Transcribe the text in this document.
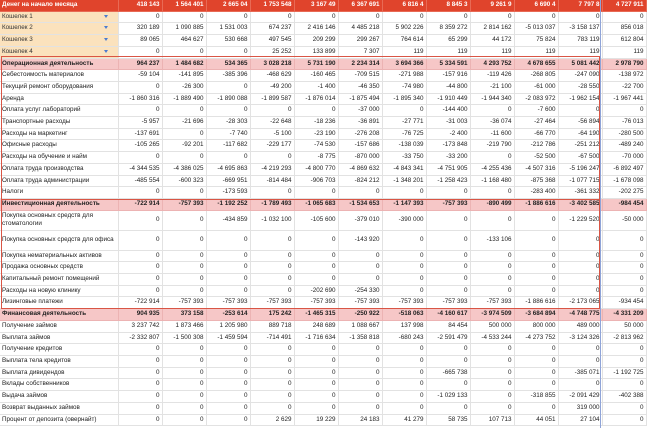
Денег на начало месяца	418 143	1 564 401	2 665 04	1 753 548	3 167 49	6 367 691	6 816 4	8 845 3	9 261 9	6 690 4	7 797 8	4 727 911
Кошелек 1	0	0	0	0	0	0	0	0	0	0	0	0
Кошелек 2	320 189	1 090 885	1 531 003	674 237	2 416 146	4 485 218	5 902 226	8 359 272	2 814 162	-5 013 037	-3 158 137	856 018
Кошелек 3	89 065	464 627	530 668	497 545	209 299	299 267	764 614	65 299	44 172	75 824	783 119	612 804
Кошелек 4	0	0	0	25 252	133 899	7 307	119	119	119	119	119	119
Операционная деятельность	964 237	1 484 682	534 365	3 028 218	5 731 190	2 234 314	3 694 366	5 334 591	4 293 752	4 678 655	5 081 442	2 978 790
Себестоимость материалов	-59 104	-141 895	-385 396	-468 629	-160 465	-709 515	-271 988	-157 916	-119 426	-268 805	-247 090	-138 972
Текущий ремонт оборудования	0	-26 300	0	-49 200	-1 400	-46 350	-74 980	-44 800	-21 100	-61 000	-28 550	-22 700
Аренда	-1 860 316	-1 889 490	-1 890 088	-1 899 587	-1 876 014	-1 875 494	-1 895 340	-1 910 449	-1 944 340	-2 083 972	-1 962 154	-1 967 441
Оплата услуг лабораторий	0	0	0	0	0	-37 000	0	-144 400	0	-7 600	0	0
Транспортные расходы	-5 957	-21 696	-28 303	-22 648	-18 236	-36 891	-27 771	-31 003	-36 074	-27 464	-56 894	-76 013
Расходы на маркетинг	-137 691	0	-7 740	-5 100	-23 190	-276 208	-76 725	-2 400	-11 600	-66 770	-64 190	-280 500
Офисные расходы	-105 265	-92 201	-117 682	-229 177	-74 530	-157 686	-138 039	-173 848	-219 790	-212 786	-251 212	-489 240
Расходы на обучение и найм	0	0	0	0	-8 775	-870 000	-33 750	-33 200	0	-52 500	-67 500	-70 000
Оплата труда производства	-4 344 535	-4 386 025	-4 695 863	-4 219 293	-4 800 770	-4 869 632	-4 843 341	-4 751 905	-4 255 436	-4 507 316	-5 196 247	-6 892 497
Оплата труда администрации	-485 554	-600 323	-669 951	-814 484	-906 703	-824 212	-1 348 201	-1 258 423	-1 168 480	-875 368	-1 077 715	-1 678 098
Налоги	0	0	-173 593	0	0	0	0	0	0	-283 400	-361 332	-202 275
Инвестиционная деятельность	-722 914	-757 393	-1 192 252	-1 789 493	-1 065 683	-1 534 653	-1 147 393	-757 393	-890 499	-1 886 616	-3 402 585	-984 454
Покупка основных средств для стоматологии	0	0	-434 859	-1 032 100	-105 600	-379 010	-390 000	0	0	0	-1 229 520	-50 000
Покупка основных средств для офиса	0	0	0	0	0	-143 920	0	0	-133 106	0	0	0
Покупка нематериальных активов	0	0	0	0	0	0	0	0	0	0	0	0
Продажа основных средств	0	0	0	0	0	0	0	0	0	0	0	0
Капитальный ремонт помещений	0	0	0	0	0	0	0	0	0	0	0	0
Расходы на новую клинику	0	0	0	0	-202 690	-254 330	0	0	0	0	0	0
Лизинговые платежи	-722 914	-757 393	-757 393	-757 393	-757 393	-757 393	-757 393	-757 393	-757 393	-1 886 616	-2 173 065	-934 454
Финансовая деятельность	904 935	373 158	-253 614	175 242	-1 465 315	-250 922	-518 063	-4 160 617	-3 974 509	-3 684 894	-4 748 775	-4 331 209
Получение займов	3 237 742	1 873 466	1 205 980	889 718	248 689	1 088 667	137 998	84 454	500 000	800 000	489 000	50 000
Выплата займов	-2 332 807	-1 500 308	-1 459 594	-714 491	-1 716 634	-1 358 818	-680 243	-2 591 479	-4 533 244	-4 273 752	-3 124 326	-2 813 962
Получение кредитов	0	0	0	0	0	0	0	0	0	0	0	0
Выплата тела кредитов	0	0	0	0	0	0	0	0	0	0	0	0
Выплата дивидендов	0	0	0	0	0	0	0	-665 738	0	0	-385 071	-1 192 725
Вклады собственников	0	0	0	0	0	0	0	0	0	0	0	0
Выдача займов	0	0	0	0	0	0	0	-1 029 133	0	-318 855	-2 091 429	-402 388
Возврат выданных займов	0	0	0	0	0	0	0	0	0	0	319 000	0
Процент от депозита (овернайт)	0	0	0	2 629	19 229	24 183	41 279	58 735	107 713	44 051	27 104	0
